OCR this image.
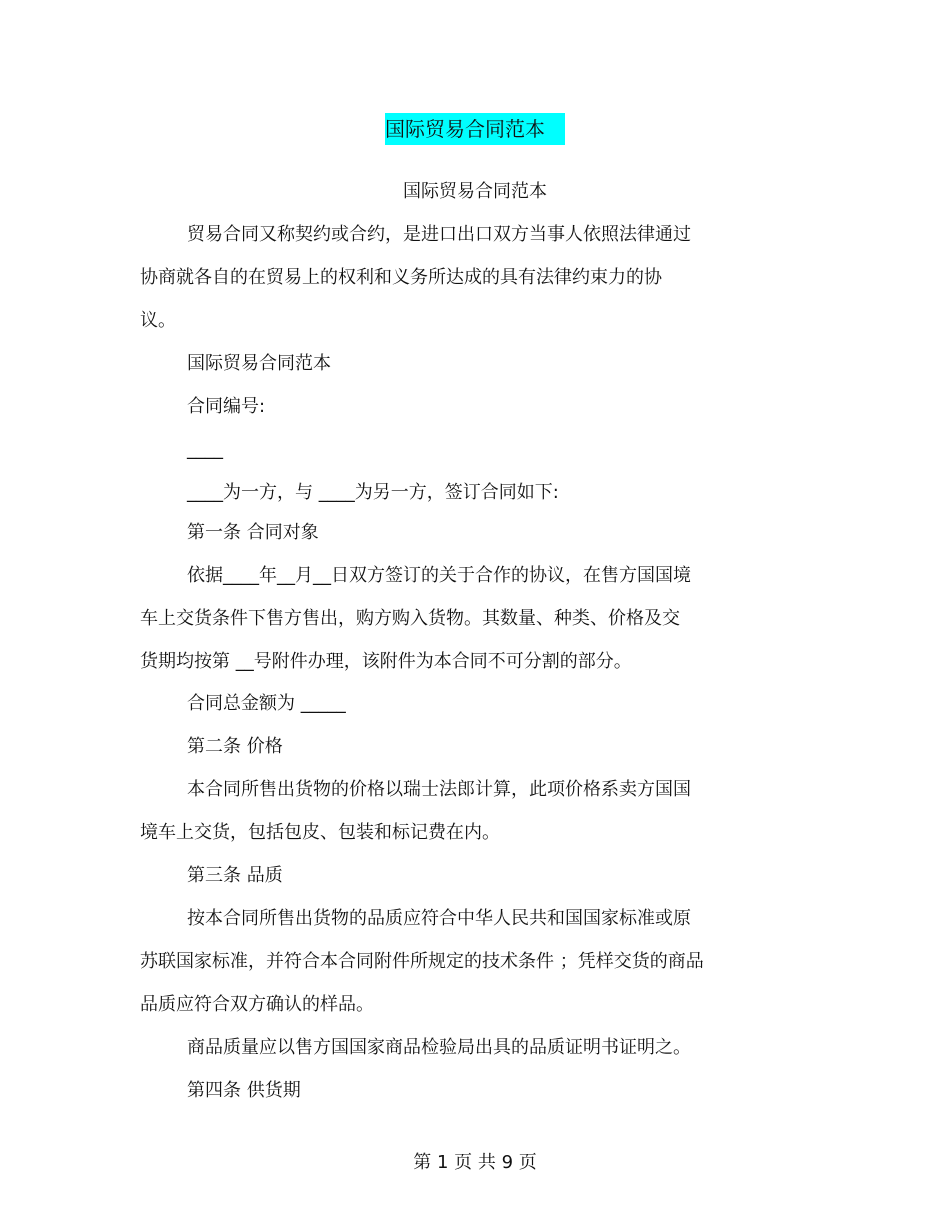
国际贸易合同范本
国际贸易合同范本
贸易合同又称契约或合约，是进口出口双方当事人依照法律通过
协商就各自的在贸易上的权利和义务所达成的具有法律约束力的协
议。
国际贸易合同范本
合同编号:
____
____为一方，与 ____为另一方，签订合同如下:
第一条 合同对象
依据____年__月__日双方签订的关于合作的协议，在售方国国境
车上交货条件下售方售出，购方购入货物。其数量、种类、价格及交
货期均按第 __号附件办理，该附件为本合同不可分割的部分。
合同总金额为 _____
第二条 价格
本合同所售出货物的价格以瑞士法郎计算，此项价格系卖方国国
境车上交货，包括包皮、包装和标记费在内。
第三条 品质
按本合同所售出货物的品质应符合中华人民共和国国家标准或原
苏联国家标准，并符合本合同附件所规定的技术条件 ；凭样交货的商品
品质应符合双方确认的样品。
商品质量应以售方国国家商品检验局出具的品质证明书证明之。
第四条 供货期
第 1 页 共 9 页
